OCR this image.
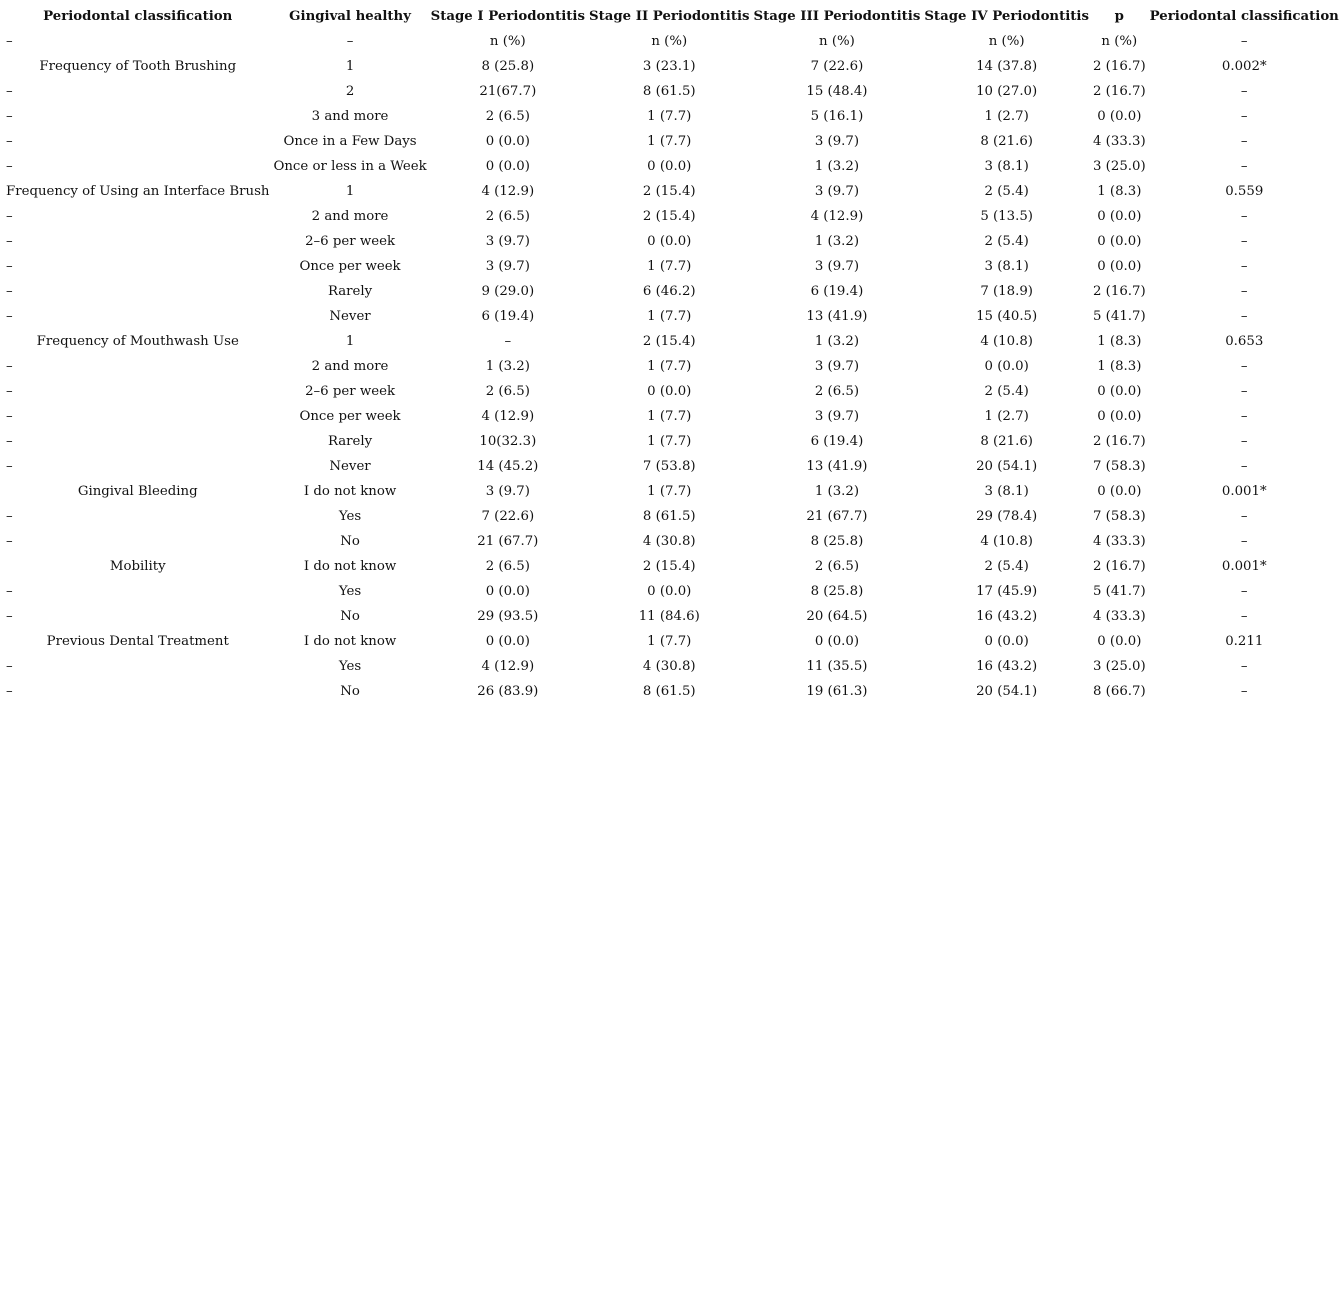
Periodontal classification	Gingival healthy	Stage I Periodontitis	Stage II Periodontitis	Stage III Periodontitis	Stage IV Periodontitis	p	Periodontal classification
–	–	n (%)	n (%)	n (%)	n (%)	n (%)	–
Frequency of Tooth Brushing	1	8 (25.8)	3 (23.1)	7 (22.6)	14 (37.8)	2 (16.7)	0.002*
–	2	21(67.7)	8 (61.5)	15 (48.4)	10 (27.0)	2 (16.7)	–
–	3 and more	2 (6.5)	1 (7.7)	5 (16.1)	1 (2.7)	0 (0.0)	–
–	Once in a Few Days	0 (0.0)	1 (7.7)	3 (9.7)	8 (21.6)	4 (33.3)	–
–	Once or less in a Week	0 (0.0)	0 (0.0)	1 (3.2)	3 (8.1)	3 (25.0)	–
Frequency of Using an Interface Brush	1	4 (12.9)	2 (15.4)	3 (9.7)	2 (5.4)	1 (8.3)	0.559
–	2 and more	2 (6.5)	2 (15.4)	4 (12.9)	5 (13.5)	0 (0.0)	–
–	2–6 per week	3 (9.7)	0 (0.0)	1 (3.2)	2 (5.4)	0 (0.0)	–
–	Once per week	3 (9.7)	1 (7.7)	3 (9.7)	3 (8.1)	0 (0.0)	–
–	Rarely	9 (29.0)	6 (46.2)	6 (19.4)	7 (18.9)	2 (16.7)	–
–	Never	6 (19.4)	1 (7.7)	13 (41.9)	15 (40.5)	5 (41.7)	–
Frequency of Mouthwash Use	1	–	2 (15.4)	1 (3.2)	4 (10.8)	1 (8.3)	0.653
–	2 and more	1 (3.2)	1 (7.7)	3 (9.7)	0 (0.0)	1 (8.3)	–
–	2–6 per week	2 (6.5)	0 (0.0)	2 (6.5)	2 (5.4)	0 (0.0)	–
–	Once per week	4 (12.9)	1 (7.7)	3 (9.7)	1 (2.7)	0 (0.0)	–
–	Rarely	10(32.3)	1 (7.7)	6 (19.4)	8 (21.6)	2 (16.7)	–
–	Never	14 (45.2)	7 (53.8)	13 (41.9)	20 (54.1)	7 (58.3)	–
Gingival Bleeding	I do not know	3 (9.7)	1 (7.7)	1 (3.2)	3 (8.1)	0 (0.0)	0.001*
–	Yes	7 (22.6)	8 (61.5)	21 (67.7)	29 (78.4)	7 (58.3)	–
–	No	21 (67.7)	4 (30.8)	8 (25.8)	4 (10.8)	4 (33.3)	–
Mobility	I do not know	2 (6.5)	2 (15.4)	2 (6.5)	2 (5.4)	2 (16.7)	0.001*
–	Yes	0 (0.0)	0 (0.0)	8 (25.8)	17 (45.9)	5 (41.7)	–
–	No	29 (93.5)	11 (84.6)	20 (64.5)	16 (43.2)	4 (33.3)	–
Previous Dental Treatment	I do not know	0 (0.0)	1 (7.7)	0 (0.0)	0 (0.0)	0 (0.0)	0.211
–	Yes	4 (12.9)	4 (30.8)	11 (35.5)	16 (43.2)	3 (25.0)	–
–	No	26 (83.9)	8 (61.5)	19 (61.3)	20 (54.1)	8 (66.7)	–
